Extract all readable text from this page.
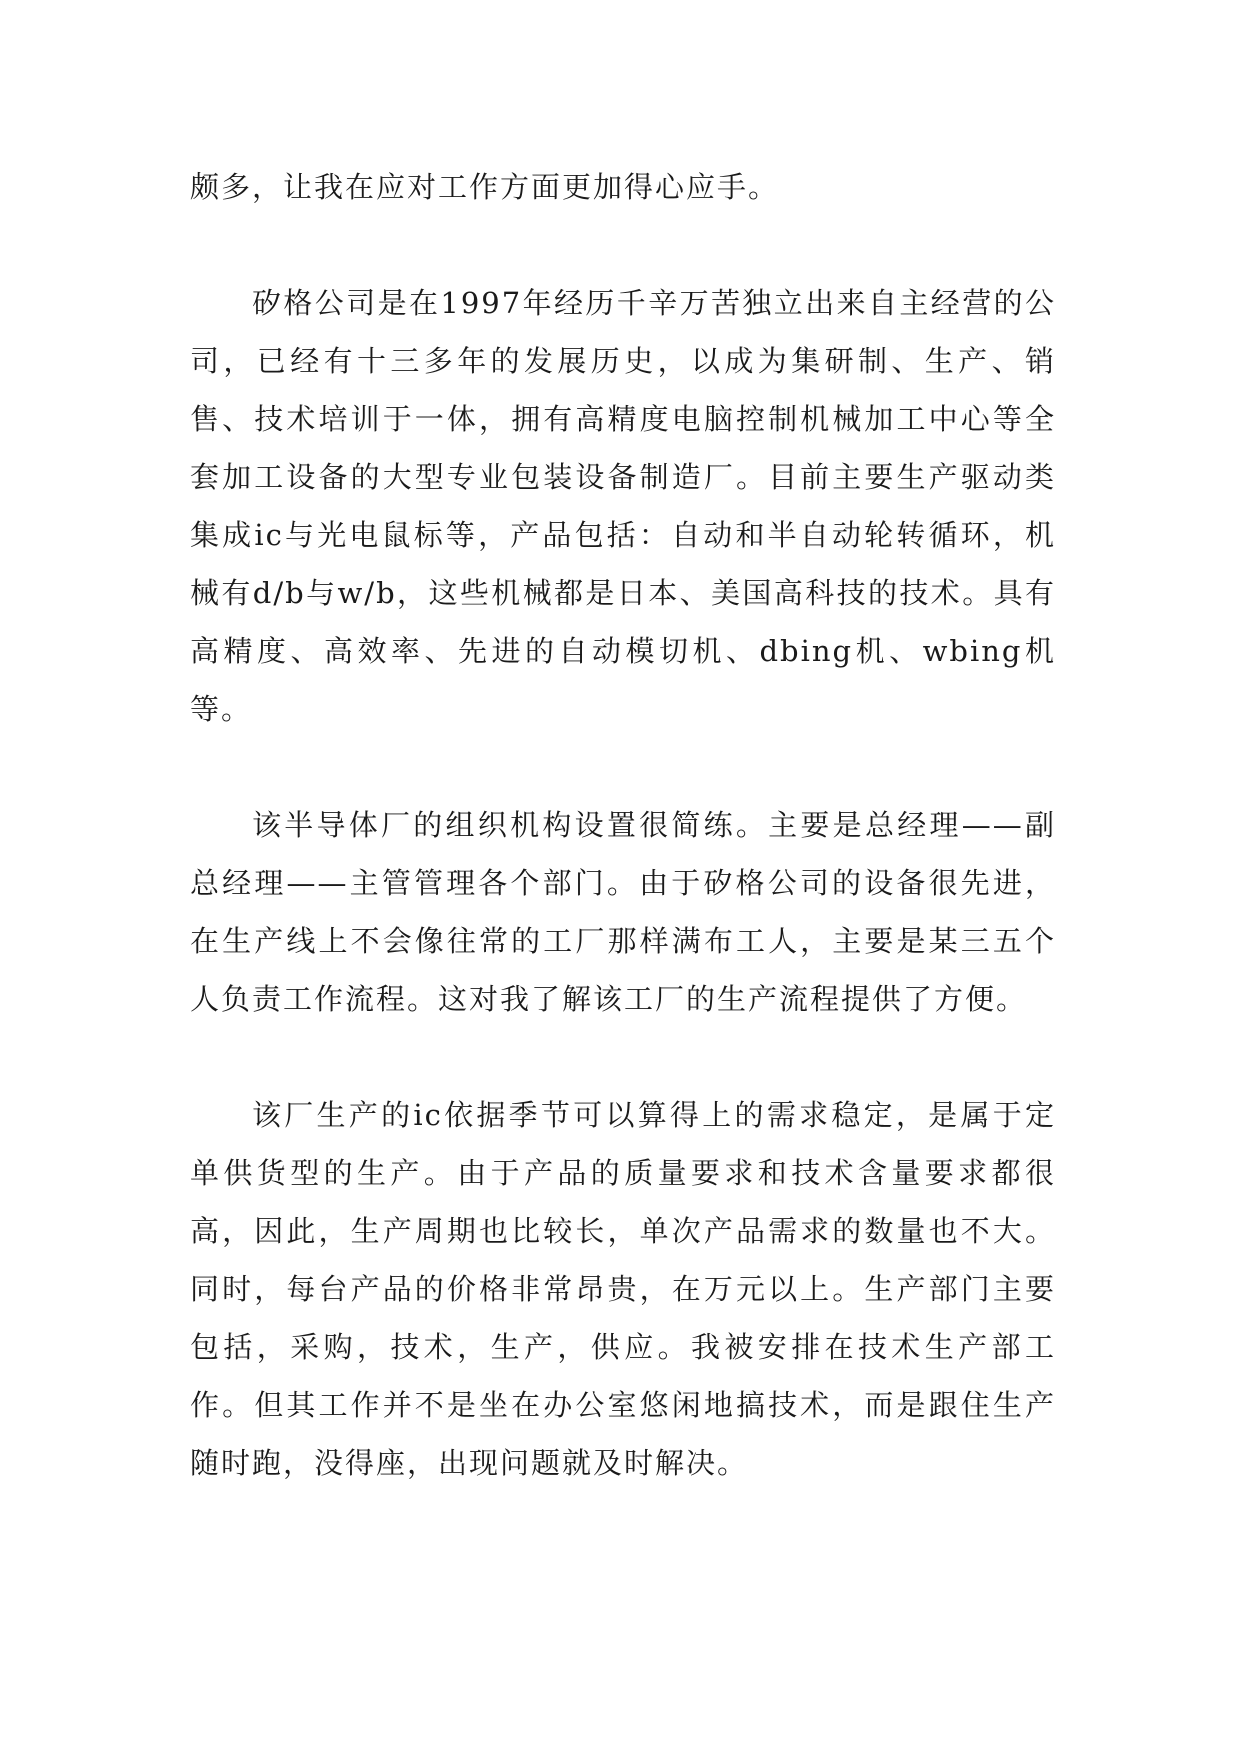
颇多，让我在应对工作方面更加得心应手。

矽格公司是在1997年经历千辛万苦独立出来自主经营的公司，已经有十三多年的发展历史，以成为集研制、生产、销售、技术培训于一体，拥有高精度电脑控制机械加工中心等全套加工设备的大型专业包装设备制造厂。目前主要生产驱动类集成ic与光电鼠标等，产品包括：自动和半自动轮转循环，机械有d/b与w/b，这些机械都是日本、美国高科技的技术。具有高精度、高效率、先进的自动模切机、dbing机、wbing机等。

该半导体厂的组织机构设置很简练。主要是总经理——副总经理——主管管理各个部门。由于矽格公司的设备很先进，在生产线上不会像往常的工厂那样满布工人，主要是某三五个人负责工作流程。这对我了解该工厂的生产流程提供了方便。

该厂生产的ic依据季节可以算得上的需求稳定，是属于定单供货型的生产。由于产品的质量要求和技术含量要求都很高，因此，生产周期也比较长，单次产品需求的数量也不大。同时，每台产品的价格非常昂贵，在万元以上。生产部门主要包括，采购，技术，生产，供应。我被安排在技术生产部工作。但其工作并不是坐在办公室悠闲地搞技术，而是跟住生产随时跑，没得座，出现问题就及时解决。
